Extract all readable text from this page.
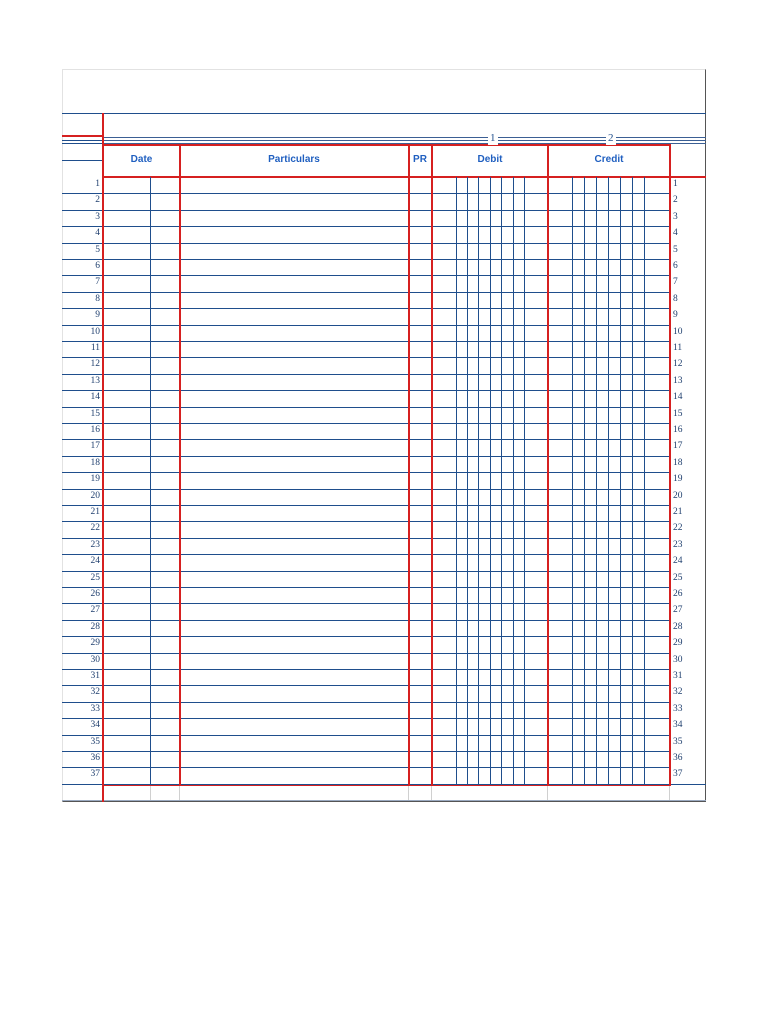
1	1
2	2
3	3
4	4
5	5
6	6
7	7
8	8
9	9
10	10
11	11
12	12
13	13
14	14
15	15
16	16
17	17
18	18
19	19
20	20
21	21
22	22
23	23
24	24
25	25
26	26
27	27
28	28
29	29
30	30
31	31
32	32
33	33
34	34
35	35
36	36
37	37
Date	Particulars	PR	Debit	Credit
1	2
